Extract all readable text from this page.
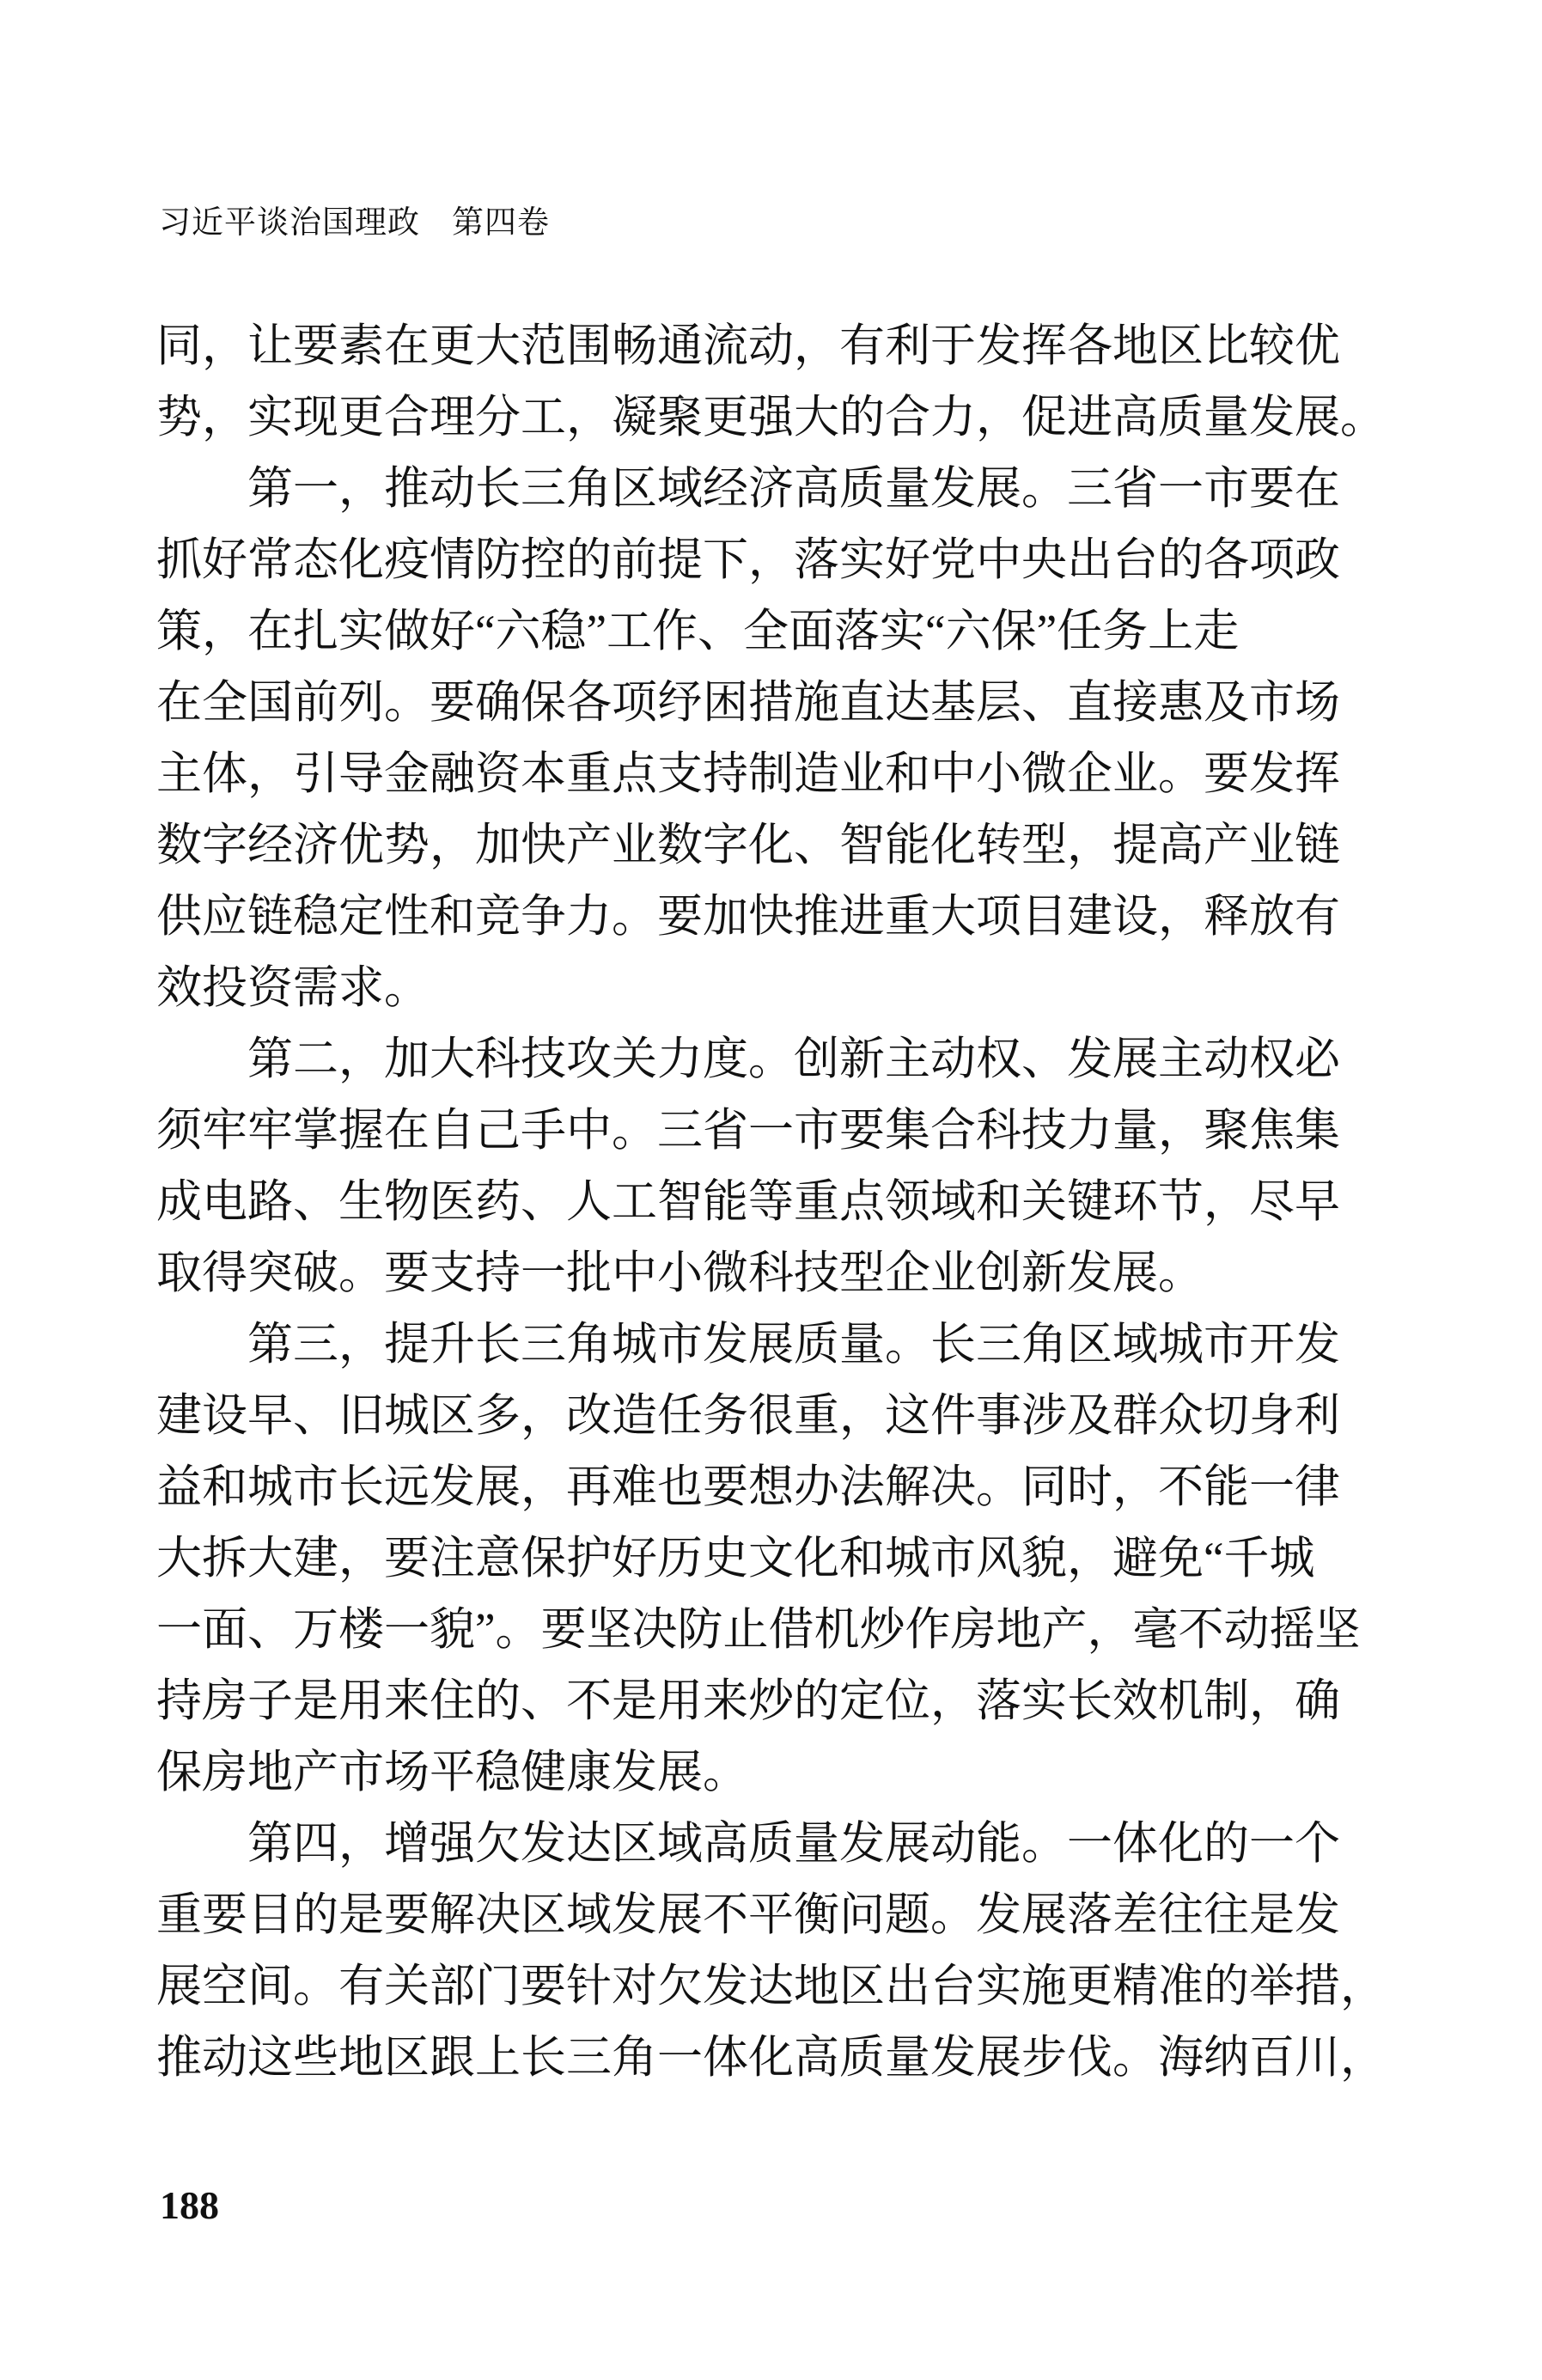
习近平谈治国理政 第四卷
同，让要素在更大范围畅通流动，有利于发挥各地区比较优
势，实现更合理分工，凝聚更强大的合力，促进高质量发展。
第一，推动长三角区域经济高质量发展。三省一市要在
抓好常态化疫情防控的前提下，落实好党中央出台的各项政
策，在扎实做好“六稳”工作、全面落实“六保”任务上走
在全国前列。要确保各项纾困措施直达基层、直接惠及市场
主体，引导金融资本重点支持制造业和中小微企业。要发挥
数字经济优势，加快产业数字化、智能化转型，提高产业链
供应链稳定性和竞争力。要加快推进重大项目建设，释放有
效投资需求。
第二，加大科技攻关力度。创新主动权、发展主动权必
须牢牢掌握在自己手中。三省一市要集合科技力量，聚焦集
成电路、生物医药、人工智能等重点领域和关键环节，尽早
取得突破。要支持一批中小微科技型企业创新发展。
第三，提升长三角城市发展质量。长三角区域城市开发
建设早、旧城区多，改造任务很重，这件事涉及群众切身利
益和城市长远发展，再难也要想办法解决。同时，不能一律
大拆大建，要注意保护好历史文化和城市风貌，避免“千城
一面、万楼一貌”。要坚决防止借机炒作房地产，毫不动摇坚
持房子是用来住的、不是用来炒的定位，落实长效机制，确
保房地产市场平稳健康发展。
第四，增强欠发达区域高质量发展动能。一体化的一个
重要目的是要解决区域发展不平衡问题。发展落差往往是发
展空间。有关部门要针对欠发达地区出台实施更精准的举措，
推动这些地区跟上长三角一体化高质量发展步伐。海纳百川，
188
